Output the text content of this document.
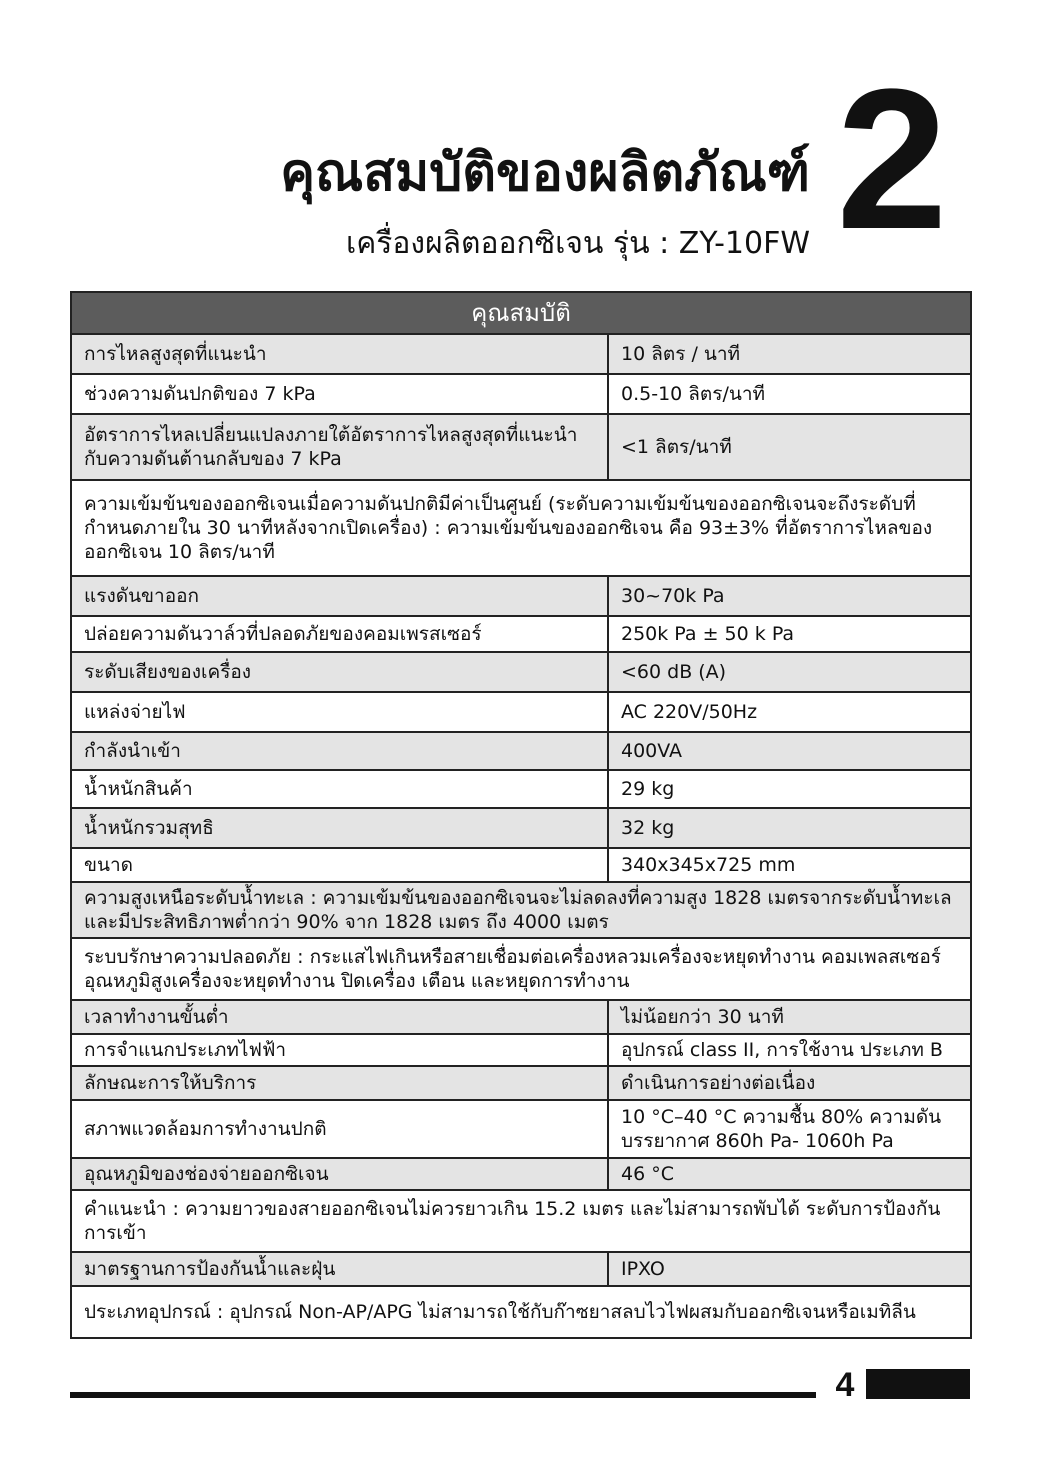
คุณสมบัติของผลิตภัณฑ์
เครื่องผลิตออกซิเจน รุ่น : ZY-10FW 2
คุณสมบัติ	
การไหลสูงสุดที่แนะนำ	10 ลิตร / นาที
ช่วงความดันปกติของ 7 kPa	0.5-10 ลิตร/นาที
อัตราการไหลเปลี่ยนแปลงภายใต้อัตราการไหลสูงสุดที่แนะนำ กับความดันต้านกลับของ 7 kPa	<1 ลิตร/นาที
ความเข้มข้นของออกซิเจนเมื่อความดันปกติมีค่าเป็นศูนย์ (ระดับความเข้มข้นของออกซิเจนจะถึงระดับที่กำหนดภายใน 30 นาทีหลังจากเปิดเครื่อง) : ความเข้มข้นของออกซิเจน คือ 93±3% ที่อัตราการไหลของออกซิเจน 10 ลิตร/นาที	
แรงดันขาออก	30~70k Pa
ปล่อยความดันวาล์วที่ปลอดภัยของคอมเพรสเซอร์	250k Pa ± 50 k Pa
ระดับเสียงของเครื่อง	<60 dB (A)
แหล่งจ่ายไฟ	AC 220V/50Hz
กำลังนำเข้า	400VA
น้ำหนักสินค้า	29 kg
น้ำหนักรวมสุทธิ	32 kg
ขนาด	340x345x725 mm
ความสูงเหนือระดับน้ำทะเล : ความเข้มข้นของออกซิเจนจะไม่ลดลงที่ความสูง 1828 เมตรจากระดับน้ำทะเลและมีประสิทธิภาพต่ำกว่า 90% จาก 1828 เมตร ถึง 4000 เมตร	
ระบบรักษาความปลอดภัย : กระแสไฟเกินหรือสายเชื่อมต่อเครื่องหลวมเครื่องจะหยุดทำงาน คอมเพลสเซอร์อุณหภูมิสูงเครื่องจะหยุดทำงาน ปิดเครื่อง เตือน และหยุดการทำงาน	
เวลาทำงานขั้นต่ำ	ไม่น้อยกว่า 30 นาที
การจำแนกประเภทไฟฟ้า	อุปกรณ์ class II, การใช้งาน ประเภท B
ลักษณะการให้บริการ	ดำเนินการอย่างต่อเนื่อง
สภาพแวดล้อมการทำงานปกติ	10 °C–40 °C ความชื้น 80% ความดันบรรยากาศ 860h Pa- 1060h Pa
อุณหภูมิของช่องจ่ายออกซิเจน	46 °C
คำแนะนำ : ความยาวของสายออกซิเจนไม่ควรยาวเกิน 15.2 เมตร และไม่สามารถพับได้ ระดับการป้องกันการเข้า	
มาตรฐานการป้องกันน้ำและฝุ่น	IPXO
ประเภทอุปกรณ์ : อุปกรณ์ Non-AP/APG ไม่สามารถใช้กับก๊าซยาสลบไวไฟผสมกับออกซิเจนหรือเมทิลีน	
4
